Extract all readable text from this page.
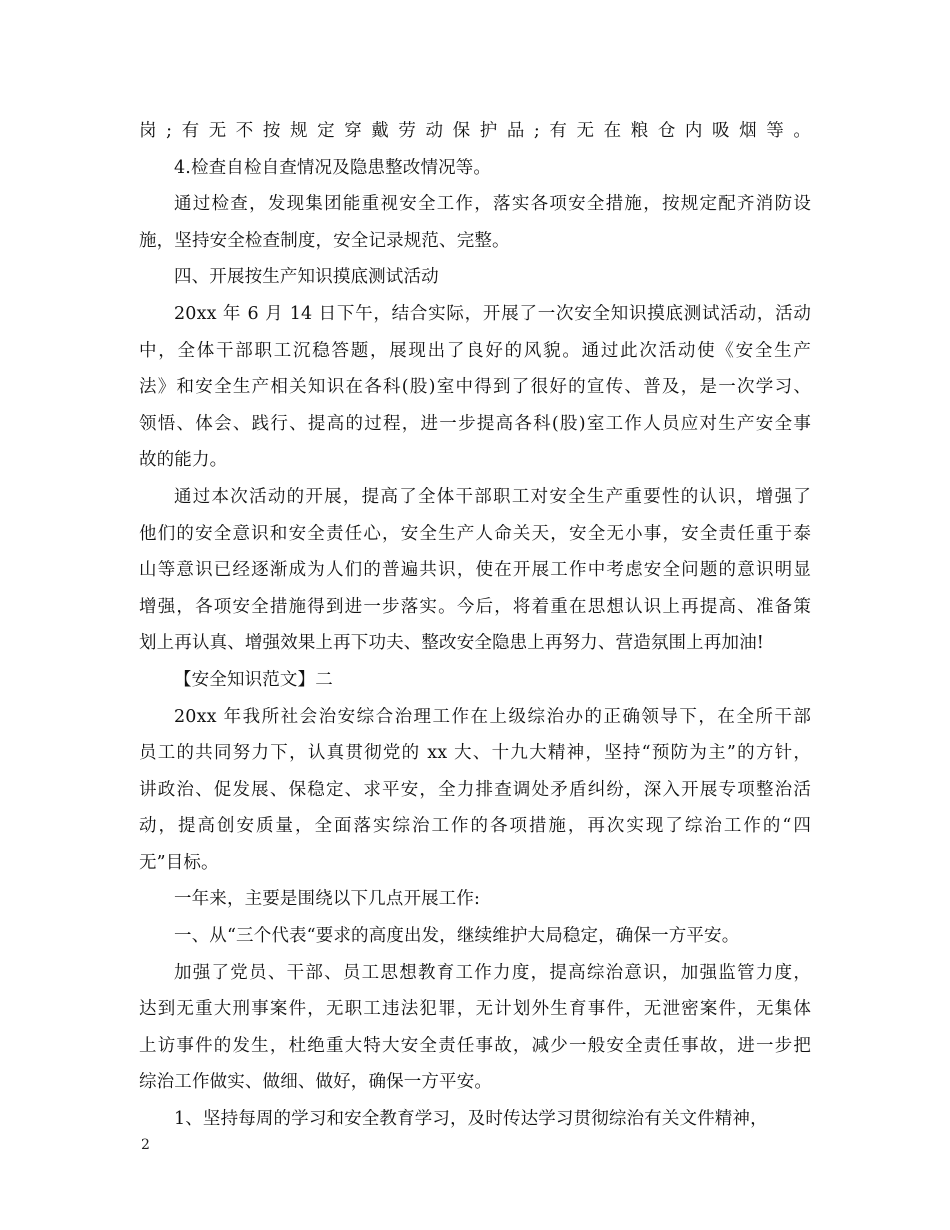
岗;有无不按规定穿戴劳动保护品;有无在粮仓内吸烟等。
4.检查自检自查情况及隐患整改情况等。
通过检查，发现集团能重视安全工作，落实各项安全措施，按规定配齐消防设
施，坚持安全检查制度，安全记录规范、完整。
四、开展按生产知识摸底测试活动
20xx 年 6 月 14 日下午，结合实际，开展了一次安全知识摸底测试活动，活动
中，全体干部职工沉稳答题，展现出了良好的风貌。通过此次活动使《安全生产
法》和安全生产相关知识在各科(股)室中得到了很好的宣传、普及，是一次学习、
领悟、体会、践行、提高的过程，进一步提高各科(股)室工作人员应对生产安全事
故的能力。
通过本次活动的开展，提高了全体干部职工对安全生产重要性的认识，增强了
他们的安全意识和安全责任心，安全生产人命关天，安全无小事，安全责任重于泰
山等意识已经逐渐成为人们的普遍共识，使在开展工作中考虑安全问题的意识明显
增强，各项安全措施得到进一步落实。今后，将着重在思想认识上再提高、准备策
划上再认真、增强效果上再下功夫、整改安全隐患上再努力、营造氛围上再加油!
【安全知识范文】二
20xx 年我所社会治安综合治理工作在上级综治办的正确领导下，在全所干部
员工的共同努力下，认真贯彻党的 xx 大、十九大精神，坚持“预防为主”的方针，
讲政治、促发展、保稳定、求平安，全力排查调处矛盾纠纷，深入开展专项整治活
动，提高创安质量，全面落实综治工作的各项措施，再次实现了综治工作的“四
无”目标。
一年来，主要是围绕以下几点开展工作:
一、从“三个代表“要求的高度出发，继续维护大局稳定，确保一方平安。
加强了党员、干部、员工思想教育工作力度，提高综治意识，加强监管力度，
达到无重大刑事案件，无职工违法犯罪，无计划外生育事件，无泄密案件，无集体
上访事件的发生，杜绝重大特大安全责任事故，减少一般安全责任事故，进一步把
综治工作做实、做细、做好，确保一方平安。
1、坚持每周的学习和安全教育学习，及时传达学习贯彻综治有关文件精神，
2
